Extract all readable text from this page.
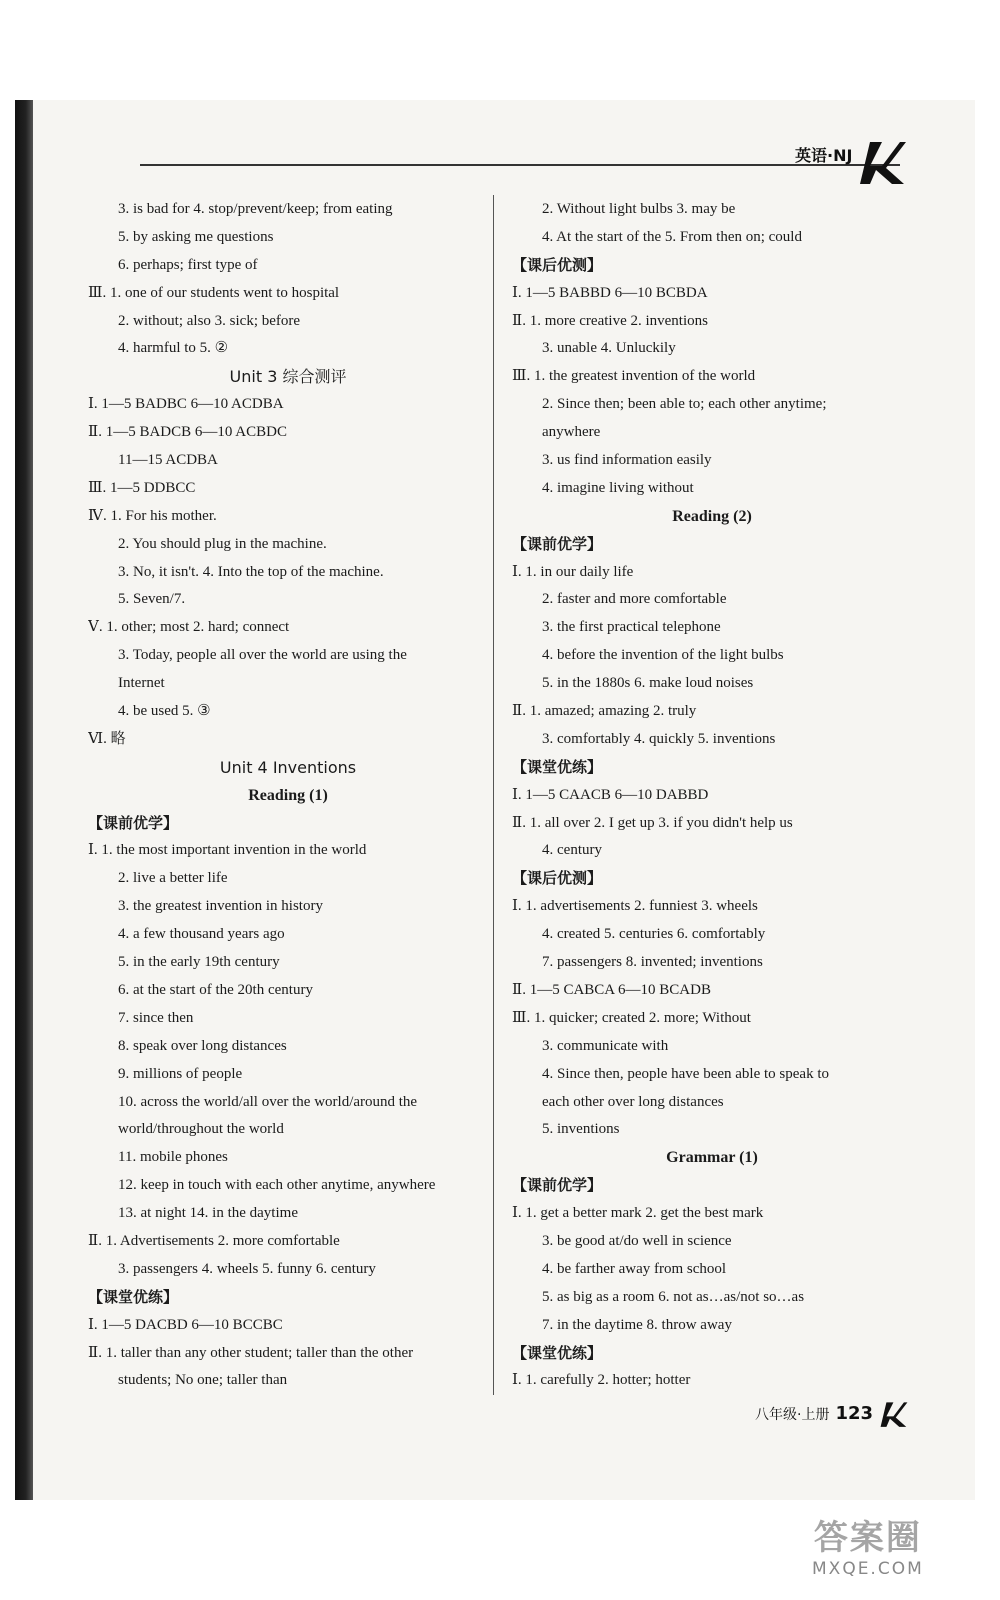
英语·NJ
3. is bad for 4. stop/prevent/keep; from eating
5. by asking me questions
6. perhaps; first type of
Ⅲ. 1. one of our students went to hospital
2. without; also 3. sick; before
4. harmful to 5. ②
Unit 3 综合测评
Ⅰ. 1—5 BADBC 6—10 ACDBA
Ⅱ. 1—5 BADCB 6—10 ACBDC
11—15 ACDBA
Ⅲ. 1—5 DDBCC
Ⅳ. 1. For his mother.
2. You should plug in the machine.
3. No, it isn't. 4. Into the top of the machine.
5. Seven/7.
Ⅴ. 1. other; most 2. hard; connect
3. Today, people all over the world are using the
Internet
4. be used 5. ③
Ⅵ. 略
Unit 4 Inventions
Reading (1)
【课前优学】
Ⅰ. 1. the most important invention in the world
2. live a better life
3. the greatest invention in history
4. a few thousand years ago
5. in the early 19th century
6. at the start of the 20th century
7. since then
8. speak over long distances
9. millions of people
10. across the world/all over the world/around the
world/throughout the world
11. mobile phones
12. keep in touch with each other anytime, anywhere
13. at night 14. in the daytime
Ⅱ. 1. Advertisements 2. more comfortable
3. passengers 4. wheels 5. funny 6. century
【课堂优练】
Ⅰ. 1—5 DACBD 6—10 BCCBC
Ⅱ. 1. taller than any other student; taller than the other
students; No one; taller than
2. Without light bulbs 3. may be
4. At the start of the 5. From then on; could
【课后优测】
Ⅰ. 1—5 BABBD 6—10 BCBDA
Ⅱ. 1. more creative 2. inventions
3. unable 4. Unluckily
Ⅲ. 1. the greatest invention of the world
2. Since then; been able to; each other anytime;
anywhere
3. us find information easily
4. imagine living without
Reading (2)
【课前优学】
Ⅰ. 1. in our daily life
2. faster and more comfortable
3. the first practical telephone
4. before the invention of the light bulbs
5. in the 1880s 6. make loud noises
Ⅱ. 1. amazed; amazing 2. truly
3. comfortably 4. quickly 5. inventions
【课堂优练】
Ⅰ. 1—5 CAACB 6—10 DABBD
Ⅱ. 1. all over 2. I get up 3. if you didn't help us
4. century
【课后优测】
Ⅰ. 1. advertisements 2. funniest 3. wheels
4. created 5. centuries 6. comfortably
7. passengers 8. invented; inventions
Ⅱ. 1—5 CABCA 6—10 BCADB
Ⅲ. 1. quicker; created 2. more; Without
3. communicate with
4. Since then, people have been able to speak to
each other over long distances
5. inventions
Grammar (1)
【课前优学】
Ⅰ. 1. get a better mark 2. get the best mark
3. be good at/do well in science
4. be farther away from school
5. as big as a room 6. not as…as/not so…as
7. in the daytime 8. throw away
【课堂优练】
Ⅰ. 1. carefully 2. hotter; hotter
八年级·上册 123
答案圈
MXQE.COM
